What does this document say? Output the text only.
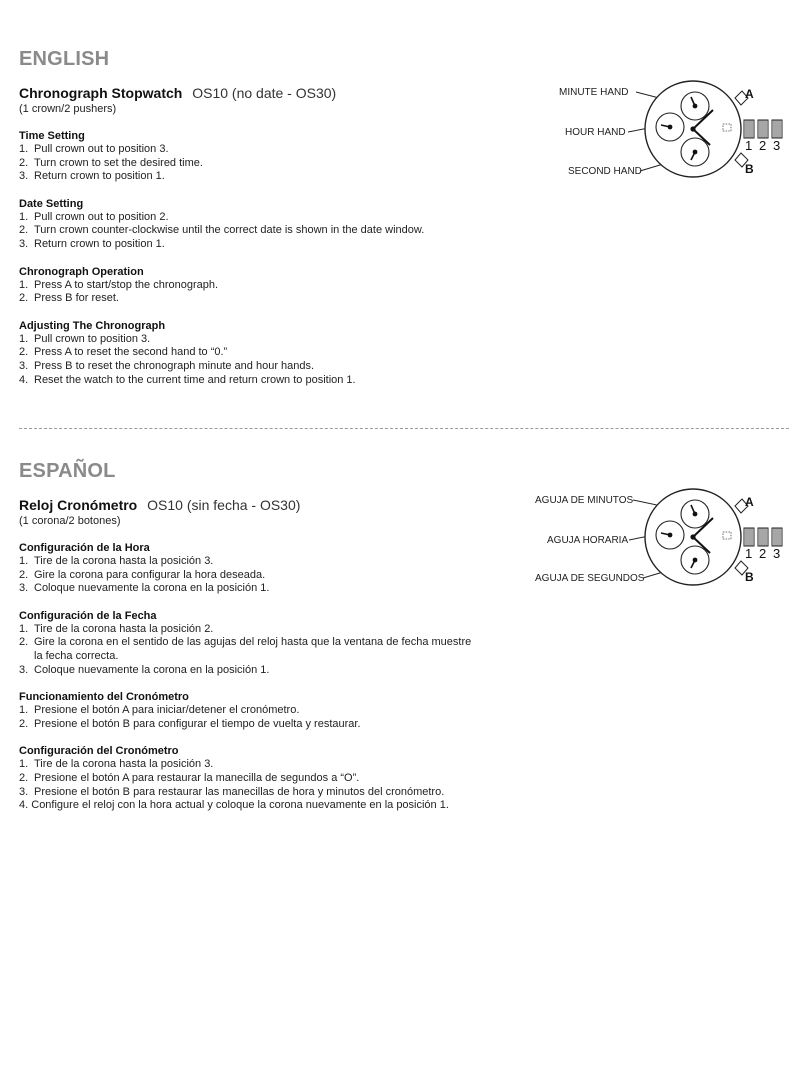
ENGLISH
Chronograph Stopwatch OS10 (no date - OS30)
(1 crown/2 pushers)
Time Setting
1. Pull crown out to position 3.
2. Turn crown to set the desired time.
3. Return crown to position 1.
Date Setting
1. Pull crown out to position 2.
2. Turn crown counter-clockwise until the correct date is shown in the date window.
3. Return crown to position 1.
Chronograph Operation
1. Press A to start/stop the chronograph.
2. Press B for reset.
Adjusting The Chronograph
1. Pull crown to position 3.
2. Press A to reset the second hand to “0.”
3. Press B to reset the chronograph minute and hour hands.
4. Reset the watch to the current time and return crown to position 1.
MINUTE HAND
HOUR HAND
SECOND HAND
A
B
1 2 3
ESPAÑOL
Reloj Cronómetro OS10 (sin fecha - OS30)
(1 corona/2 botones)
Configuración de la Hora
1. Tire de la corona hasta la posición 3.
2. Gire la corona para configurar la hora deseada.
3. Coloque nuevamente la corona en la posición 1.
Configuración de la Fecha
1. Tire de la corona hasta la posición 2.
2. Gire la corona en el sentido de las agujas del reloj hasta que la ventana de fecha muestre
la fecha correcta.
3. Coloque nuevamente la corona en la posición 1.
Funcionamiento del Cronómetro
1. Presione el botón A para iniciar/detener el cronómetro.
2. Presione el botón B para configurar el tiempo de vuelta y restaurar.
Configuración del Cronómetro
1. Tire de la corona hasta la posición 3.
2. Presione el botón A para restaurar la manecilla de segundos a “O”.
3. Presione el botón B para restaurar las manecillas de hora y minutos del cronómetro.
4. Configure el reloj con la hora actual y coloque la corona nuevamente en la posición 1.
AGUJA DE MINUTOS
AGUJA HORARIA
AGUJA DE SEGUNDOS
A
B
1 2 3
